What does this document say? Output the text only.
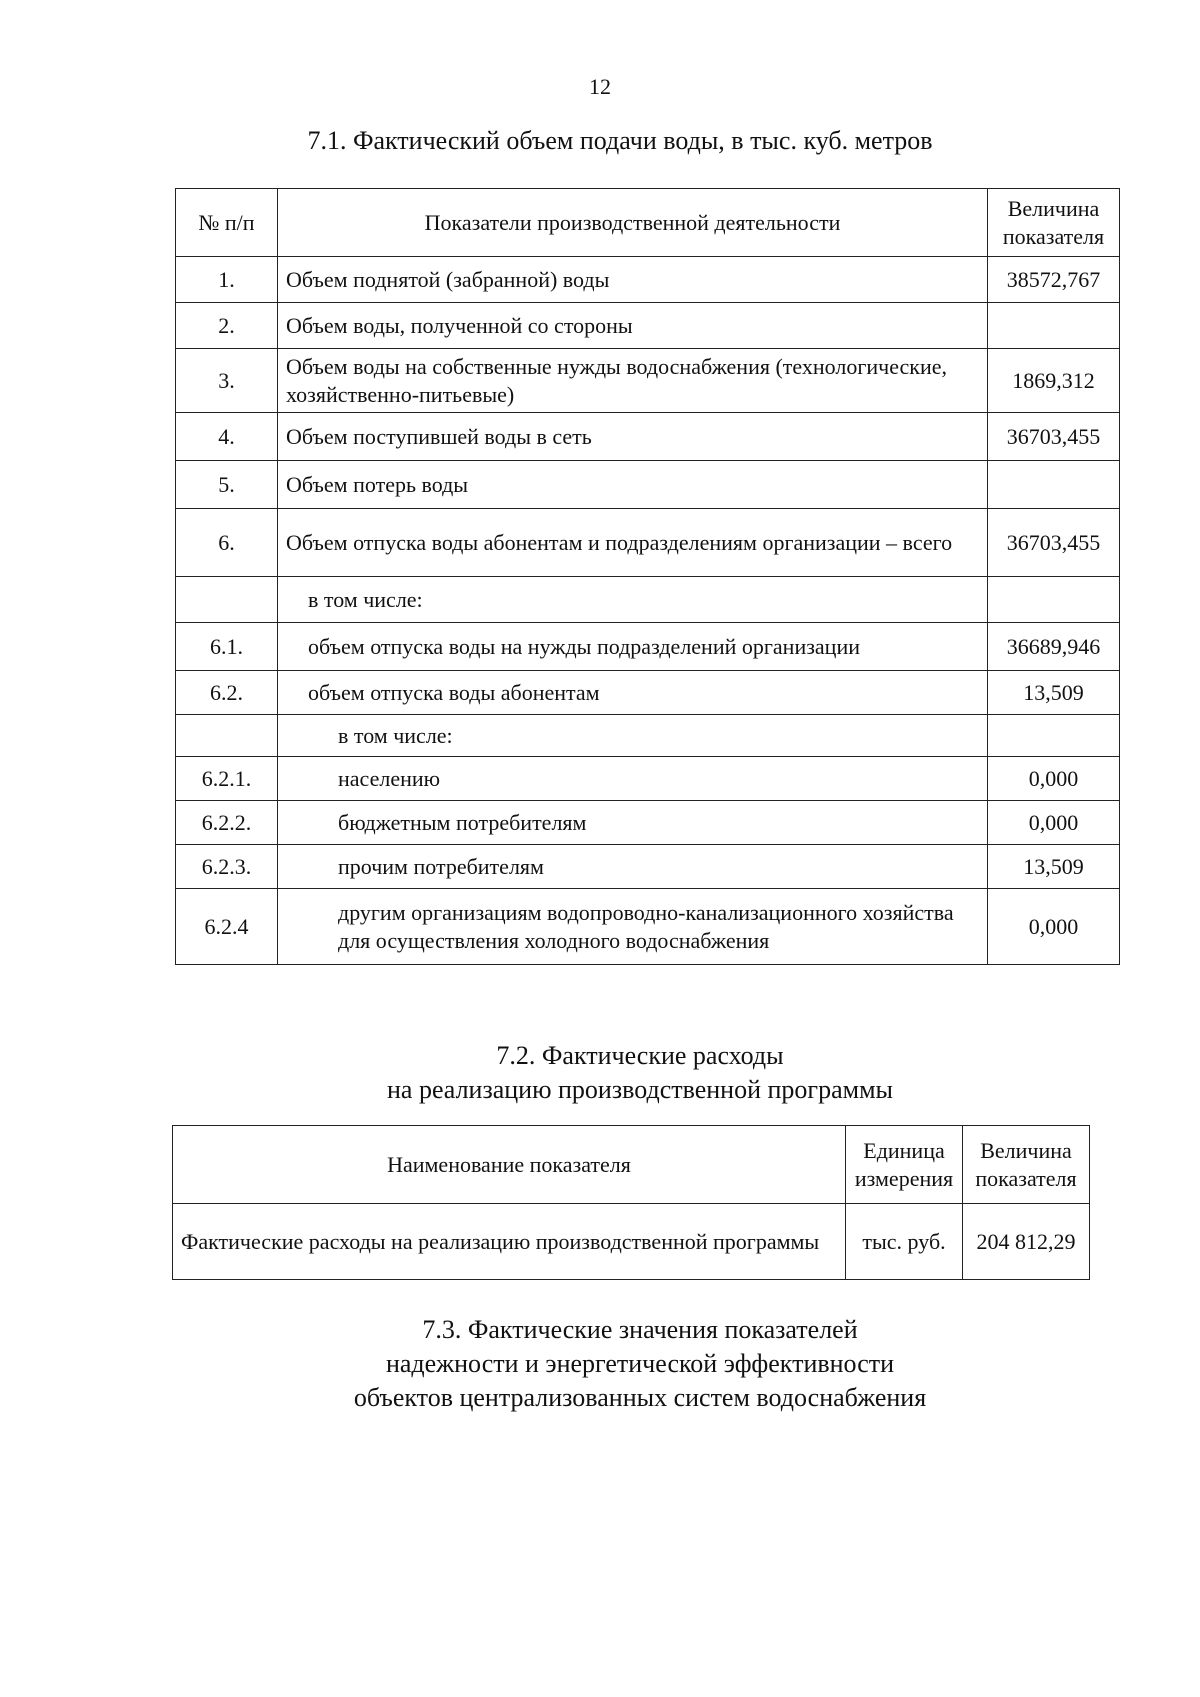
12
7.1. Фактический объем подачи воды, в тыс. куб. метров
№ п/п	Показатели производственной деятельности	Величина показателя
1.	Объем поднятой (забранной) воды	38572,767
2.	Объем воды, полученной со стороны	
3.	Объем воды на собственные нужды водоснабжения (технологические, хозяйственно-питьевые)	1869,312
4.	Объем поступившей воды в сеть	36703,455
5.	Объем потерь воды	
6.	Объем отпуска воды абонентам и подразделениям организации – всего	36703,455
	в том числе:	
6.1.	объем отпуска воды на нужды подразделений организации	36689,946
6.2.	объем отпуска воды абонентам	13,509
	в том числе:	
6.2.1.	населению	0,000
6.2.2.	бюджетным потребителям	0,000
6.2.3.	прочим потребителям	13,509
6.2.4	другим организациям водопроводно-канализационного хозяйства для осуществления холодного водоснабжения	0,000
7.2. Фактические расходы
на реализацию производственной программы
Наименование показателя	Единица измерения	Величина показателя
Фактические расходы на реализацию производственной программы	тыс. руб.	204 812,29
7.3. Фактические значения показателей
надежности и энергетической эффективности
объектов централизованных систем водоснабжения
